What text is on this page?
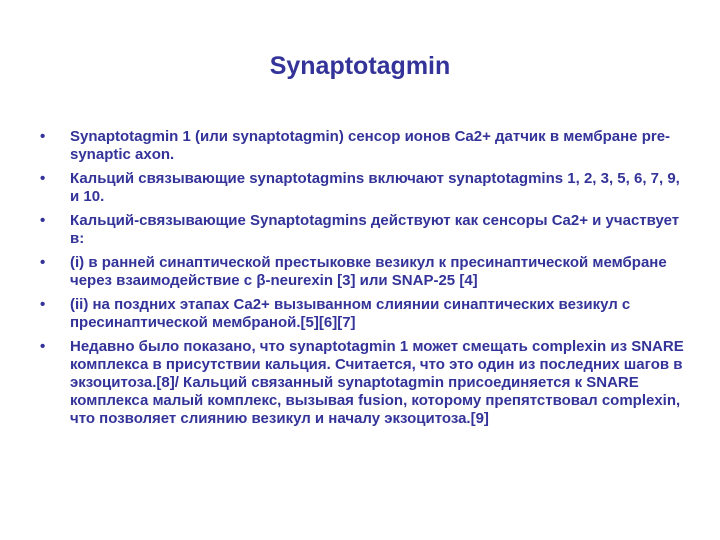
Synaptotagmin
•	Synaptotagmin 1 (или synaptotagmin) сенсор ионов Ca2+ датчик в мембране pre-synaptic axon.
•	Кальций связывающие synaptotagmins включают synaptotagmins 1, 2, 3, 5, 6, 7, 9, и 10.
•	Кальций-связывающие Synaptotagmins действуют как сенсоры Ca2+ и участвует в:
•	(i) в ранней синаптической престыковке везикул к пресинаптической мембране через взаимодействие с β-neurexin [3] или SNAP-25 [4]
•	(ii) на поздних этапах Ca2+ вызыванном слиянии синаптических везикул с пресинаптической мембраной.[5][6][7]
•	Недавно было показано, что synaptotagmin 1 может смещать complexin из SNARE комплекса в присутствии кальция. Считается, что это один из последних шагов в экзоцитоза.[8]/ Кальций связанный synaptotagmin присоединяется к SNARE комплекса малый комплекс, вызывая fusion, которому препятствовал complexin, что позволяет слиянию везикул и началу экзоцитоза.[9]
